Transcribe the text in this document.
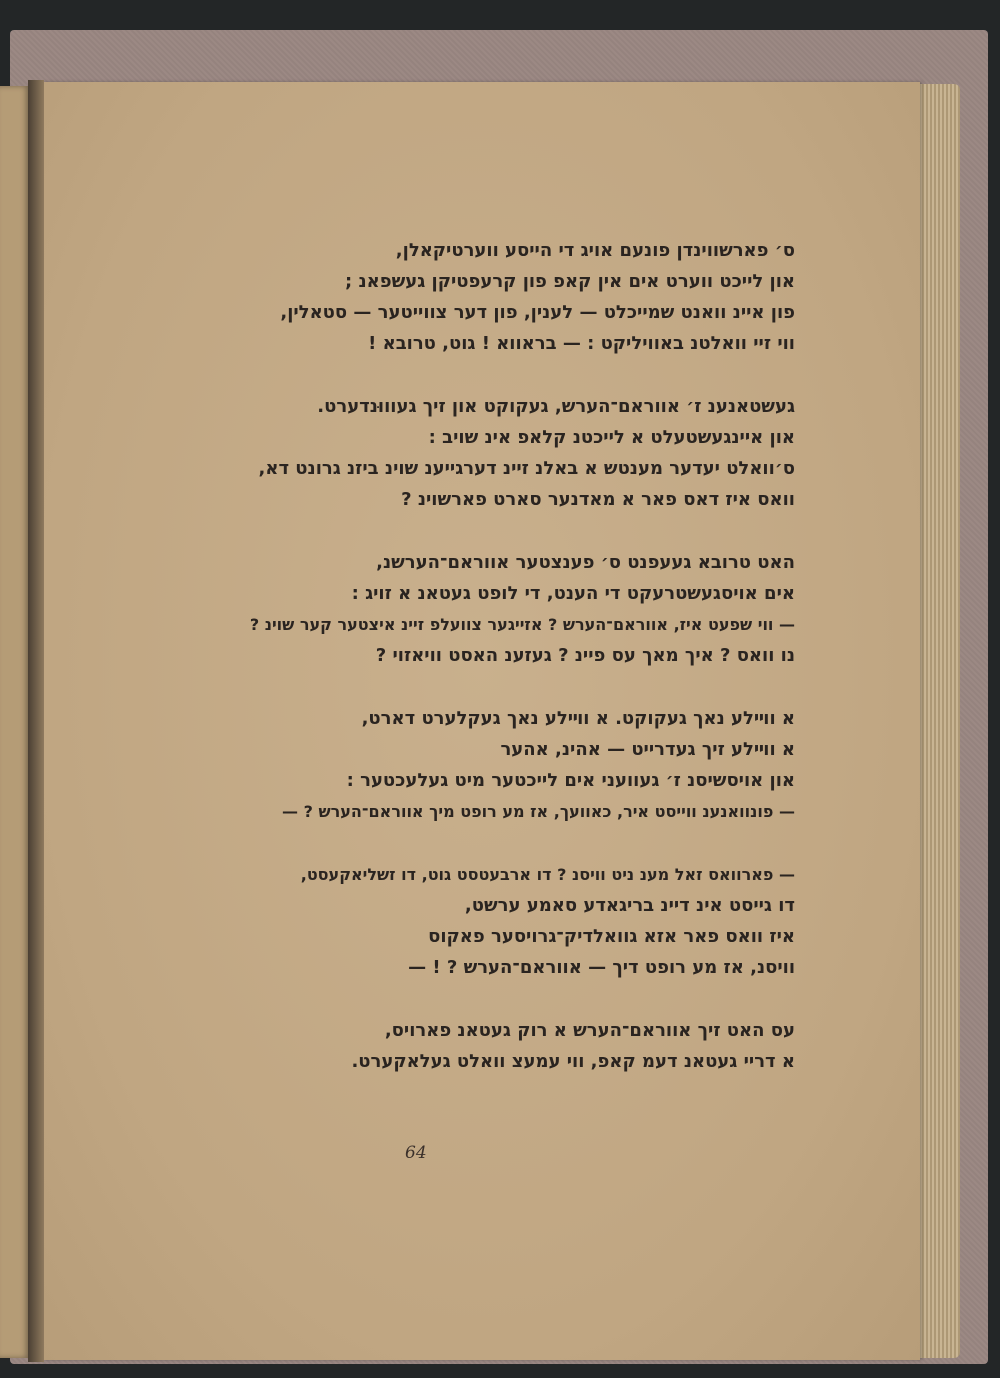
ס׳ פארשווינדן פונעם אויג די הייסע ווערטיקאלן,
און לייכט ווערט אים אין קאפ פון קרעפטיקן געשפאנ ;
פון איינ וואנט שמייכלט — לענין, פון דער צווייטער — סטאלין,
ווי זיי וואלטנ באוויליקט : — בראווא ! גוט, טרובא !
געשטאנענ ז׳ אווראם־הערש, געקוקט און זיך געוווּנדערט.
און איינגעשטעלט א לייכטנ קלאפ אינ שויב :
ס׳וואלט יעדער מענטש א באלנ זיינ דערגייענ שוינ ביזנ גרונט דא,
וואס איז דאס פאר א מאדנער סארט פארשוינ ?
האט טרובא געעפנט ס׳ פענצטער אווראם־הערשנ,
אים אויסגעשטרעקט די הענט, די לופט געטאנ א זויג :
— ווי שפעט איז, אווראם־הערש ? אזייגער צוועלפ זיינ איצטער קער שוינ ?
נו וואס ? איך מאך עס פיינ ? געזענ האסט וויאזוי ?
א ווײלע נאך געקוקט. א ווײלע נאך געקלערט דארט,
א ווײלע זיך געדרייט — אהינ, אהער
און אויסשיסנ ז׳ געוועני אים לייכטער מיט געלעכטער :
— פונוואנענ ווייסט איר, כאוועך, אז מע רופט מיך אווראם־הערש ? —
— פארוואס זאל מענ ניט וויסנ ? דו ארבעטסט גוט, דו זשליאקעסט,
דו גייסט אינ דיינ בריגאדע סאמע ערשט,
איז וואס פאר אזא גוואלדיק־גרויסער פאקוס
וויסנ, אז מע רופט דיך — אווראם־הערש ? ! —
עס האט זיך אווראם־הערש א רוק געטאנ פארויס,
א דריי געטאנ דעמ קאפ, ווי עמעצ וואלט געלאקערט.
64
